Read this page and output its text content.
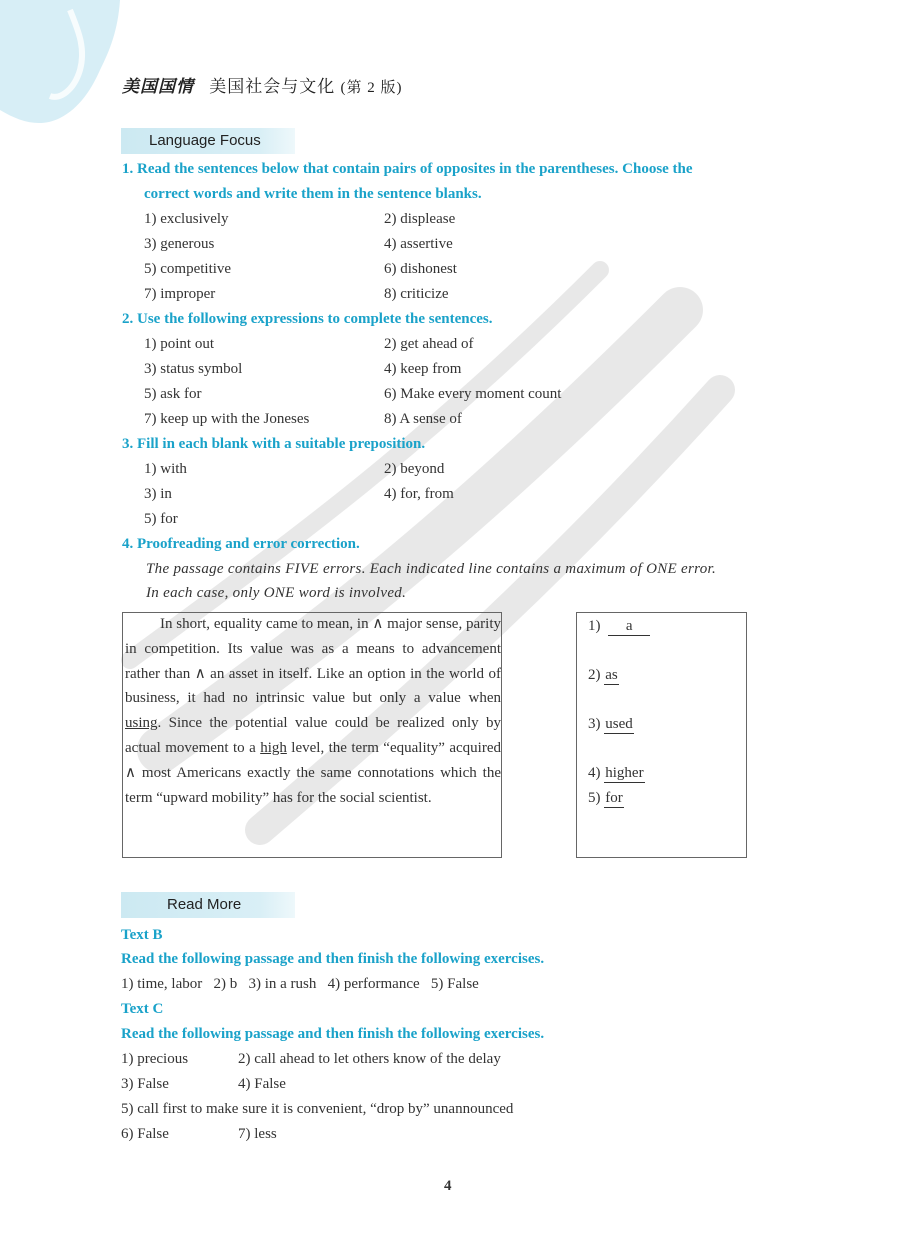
美国国情 美国社会与文化 (第 2 版)
Language Focus
1. Read the sentences below that contain pairs of opposites in the parentheses. Choose the
correct words and write them in the sentence blanks.
1) exclusively	2) displease
3) generous	4) assertive
5) competitive	6) dishonest
7) improper	8) criticize
2. Use the following expressions to complete the sentences.
1) point out	2) get ahead of
3) status symbol	4) keep from
5) ask for	6) Make every moment count
7) keep up with the Joneses	8) A sense of
3. Fill in each blank with a suitable preposition.
1) with	2) beyond
3) in	4) for, from
5) for
4. Proofreading and error correction.
The passage contains FIVE errors. Each indicated line contains a maximum of ONE error.
In each case, only ONE word is involved.

In short, equality came to mean, in ∧ major sense, parity in competition. Its value was as a means to advancement rather than ∧ an asset in itself. Like an option in the world of business, it had no intrinsic value but only a value when using. Since the potential value could be realized only by actual movement to a high level, the term “equality” acquired ∧ most Americans exactly the same connotations which the term “upward mobility” has for the social scientist.

1) a
2) as
3) used
4) higher
5) for
Read More
Text B
Read the following passage and then finish the following exercises.
1) time, labor   2) b   3) in a rush   4) performance   5) False
Text C
Read the following passage and then finish the following exercises.
1) precious	2) call ahead to let others know of the delay
3) False	4) False
5) call first to make sure it is convenient, “drop by” unannounced
6) False	7) less
4
